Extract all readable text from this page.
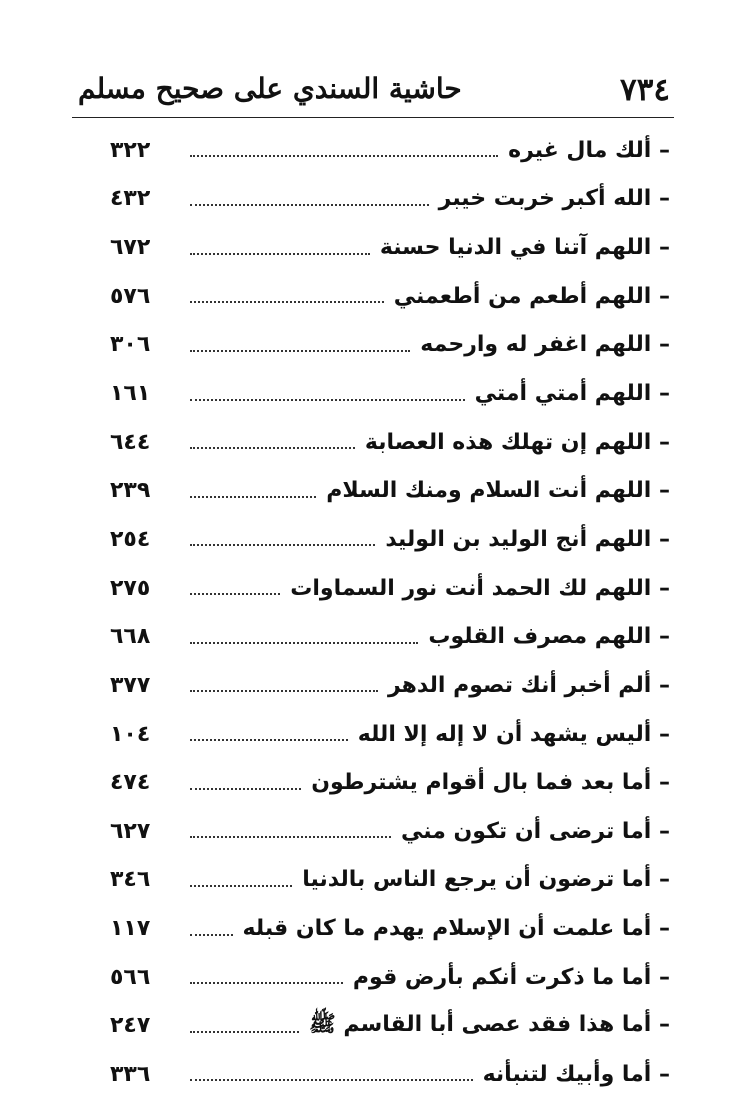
٧٣٤
حاشية السندي على صحيح مسلم
– ألك مال غيره
٣٢٢
– الله أكبر خربت خيبر
٤٣٢
– اللهم آتنا في الدنيا حسنة
٦٧٢
– اللهم أطعم من أطعمني
٥٧٦
– اللهم اغفر له وارحمه
٣٠٦
– اللهم أمتي أمتي
١٦١
– اللهم إن تهلك هذه العصابة
٦٤٤
– اللهم أنت السلام ومنك السلام
٢٣٩
– اللهم أنج الوليد بن الوليد
٢٥٤
– اللهم لك الحمد أنت نور السماوات
٢٧٥
– اللهم مصرف القلوب
٦٦٨
– ألم أخبر أنك تصوم الدهر
٣٧٧
– أليس يشهد أن لا إله إلا الله
١٠٤
– أما بعد فما بال أقوام يشترطون
٤٧٤
– أما ترضى أن تكون مني
٦٢٧
– أما ترضون أن يرجع الناس بالدنيا
٣٤٦
– أما علمت أن الإسلام يهدم ما كان قبله
١١٧
– أما ما ذكرت أنكم بأرض قوم
٥٦٦
– أما هذا فقد عصى أبا القاسم ﷺ
٢٤٧
– أما وأبيك لتنبأنه
٣٣٦
